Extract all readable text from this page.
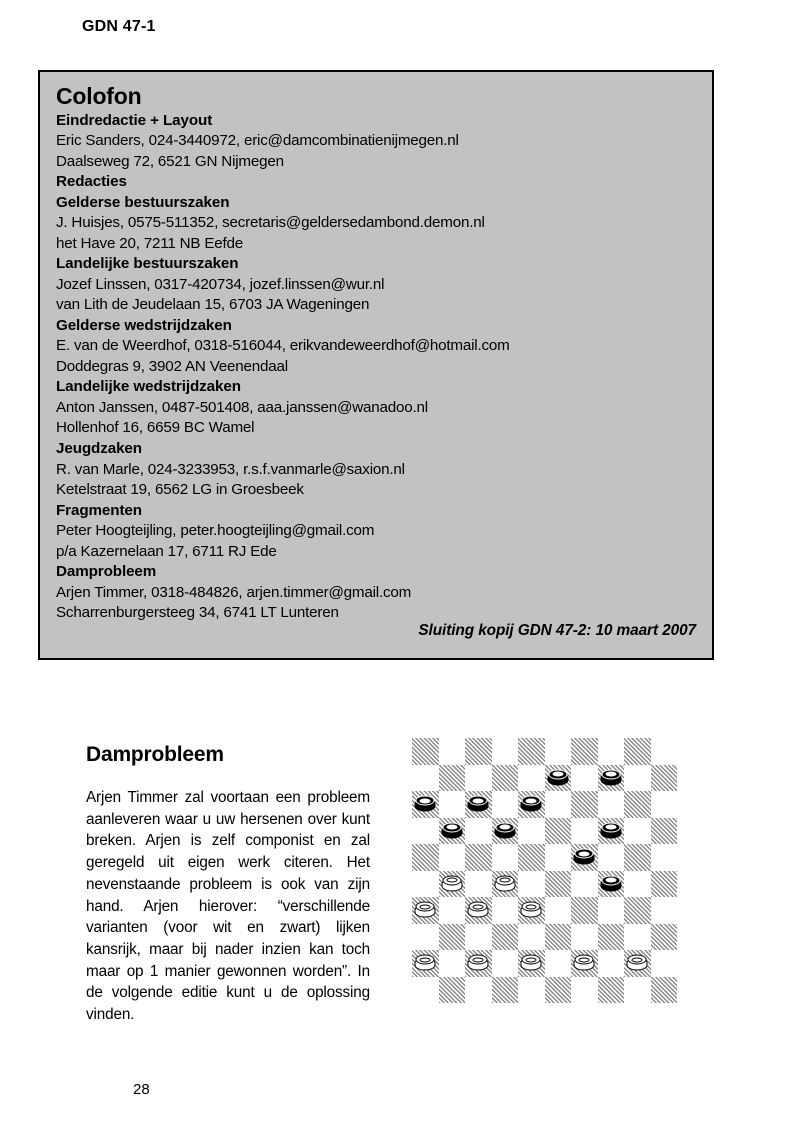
GDN 47-1
Colofon
Eindredactie + Layout
Eric Sanders, 024-3440972, eric@damcombinatienijmegen.nl
Daalseweg 72, 6521 GN Nijmegen
Redacties
Gelderse bestuurszaken
J. Huisjes, 0575-511352, secretaris@geldersedambond.demon.nl
het Have 20, 7211 NB Eefde
Landelijke bestuurszaken
Jozef Linssen, 0317-420734, jozef.linssen@wur.nl
van Lith de Jeudelaan 15, 6703 JA Wageningen
Gelderse wedstrijdzaken
E. van de Weerdhof, 0318-516044, erikvandeweerdhof@hotmail.com
Doddegras 9, 3902 AN Veenendaal
Landelijke wedstrijdzaken
Anton Janssen, 0487-501408, aaa.janssen@wanadoo.nl
Hollenhof 16, 6659 BC Wamel
Jeugdzaken
R. van Marle, 024-3233953, r.s.f.vanmarle@saxion.nl
Ketelstraat 19, 6562 LG in Groesbeek
Fragmenten
Peter Hoogteijling, peter.hoogteijling@gmail.com
p/a Kazernelaan 17, 6711 RJ Ede
Damprobleem
Arjen Timmer, 0318-484826, arjen.timmer@gmail.com
Scharrenburgersteeg 34, 6741 LT Lunteren
Sluiting kopij GDN 47-2: 10 maart 2007
Damprobleem
Arjen Timmer zal voortaan een probleem aanleveren waar u uw hersenen over kunt breken. Arjen is zelf componist en zal geregeld uit eigen werk citeren. Het nevenstaande probleem is ook van zijn hand. Arjen hierover: “verschillende varianten (voor wit en zwart) lijken kansrijk, maar bij nader inzien kan toch maar op 1 manier gewonnen worden”. In de volgende editie kunt u de oplossing vinden.
28
